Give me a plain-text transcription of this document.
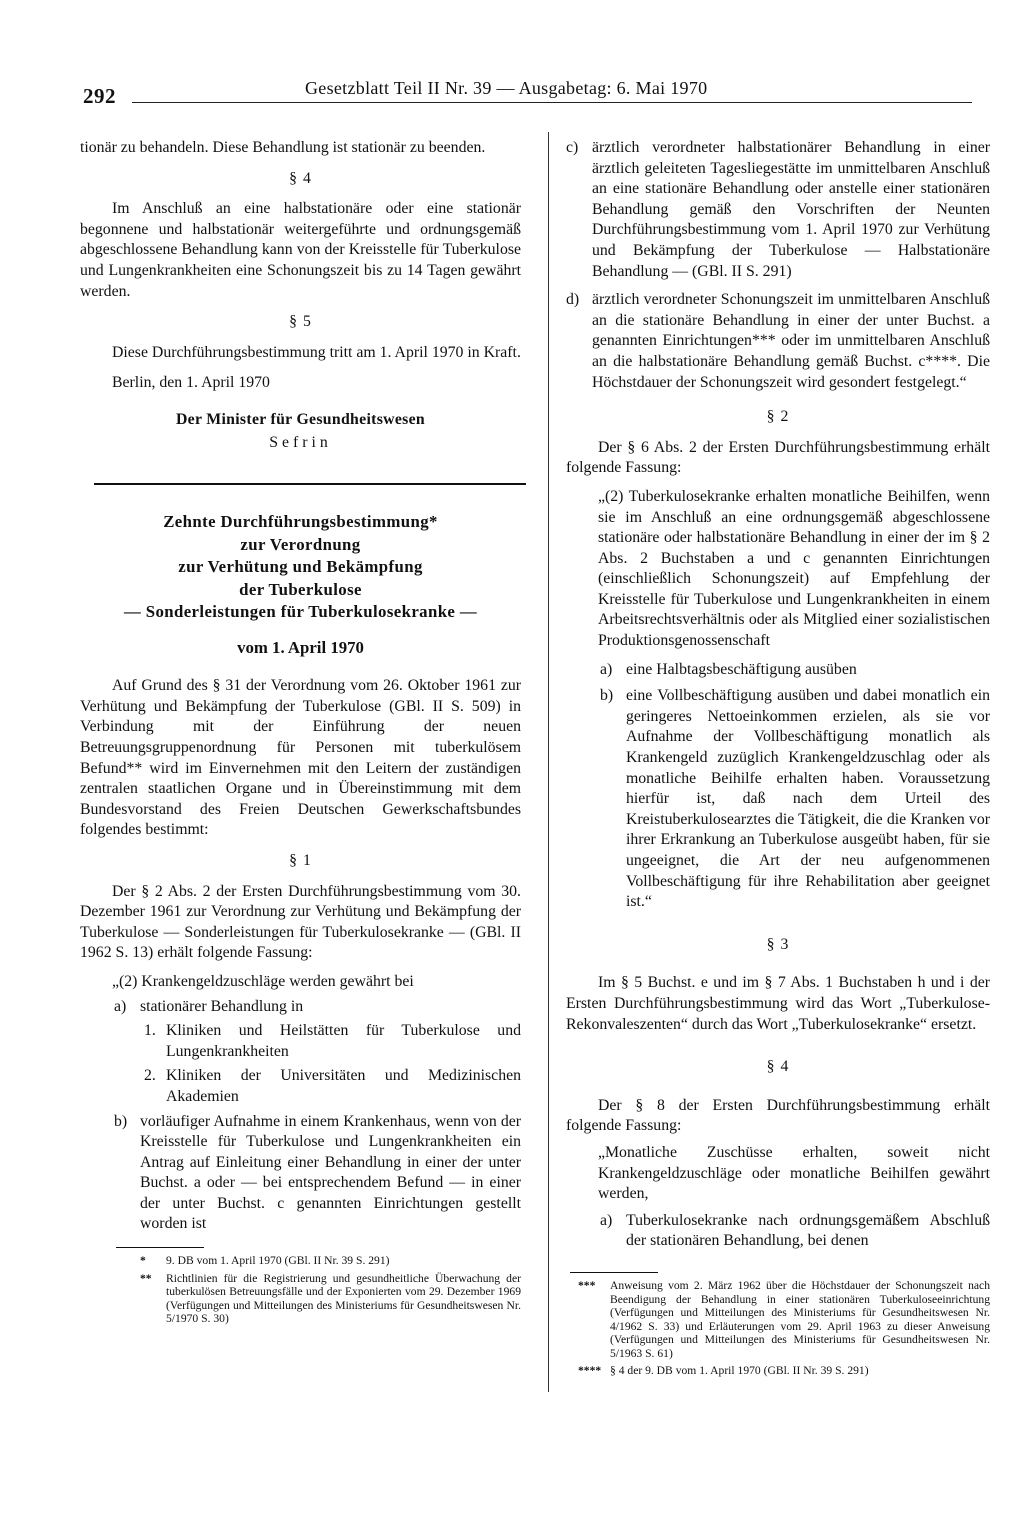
292	Gesetzblatt Teil II Nr. 39 — Ausgabetag: 6. Mai 1970

tionär zu behandeln. Diese Behandlung ist stationär zu beenden.

§ 4

Im Anschluß an eine halbstationäre oder eine stationär begonnene und halbstationär weitergeführte und ordnungsgemäß abgeschlossene Behandlung kann von der Kreisstelle für Tuberkulose und Lungenkrankheiten eine Schonungszeit bis zu 14 Tagen gewährt werden.

§ 5

Diese Durchführungsbestimmung tritt am 1. April 1970 in Kraft.

Berlin, den 1. April 1970

Der Minister für Gesundheitswesen
Sefrin
Zehnte Durchführungsbestimmung*
zur Verordnung
zur Verhütung und Bekämpfung
der Tuberkulose
— Sonderleistungen für Tuberkulosekranke —
vom 1. April 1970

Auf Grund des § 31 der Verordnung vom 26. Oktober 1961 zur Verhütung und Bekämpfung der Tuberkulose (GBl. II S. 509) in Verbindung mit der Einführung der neuen Betreuungsgruppenordnung für Personen mit tuberkulösem Befund** wird im Einvernehmen mit den Leitern der zuständigen zentralen staatlichen Organe und in Übereinstimmung mit dem Bundesvorstand des Freien Deutschen Gewerkschaftsbundes folgendes bestimmt:

§ 1

Der § 2 Abs. 2 der Ersten Durchführungsbestimmung vom 30. Dezember 1961 zur Verordnung zur Verhütung und Bekämpfung der Tuberkulose — Sonderleistungen für Tuberkulosekranke — (GBl. II 1962 S. 13) erhält folgende Fassung:

„(2) Krankengeldzuschläge werden gewährt bei

a) stationärer Behandlung in
1. Kliniken und Heilstätten für Tuberkulose und Lungenkrankheiten
2. Kliniken der Universitäten und Medizinischen Akademien
b) vorläufiger Aufnahme in einem Krankenhaus, wenn von der Kreisstelle für Tuberkulose und Lungenkrankheiten ein Antrag auf Einleitung einer Behandlung in einer der unter Buchst. a oder — bei entsprechendem Befund — in einer der unter Buchst. c genannten Einrichtungen gestellt worden ist
*	9. DB vom 1. April 1970 (GBl. II Nr. 39 S. 291)
**	Richtlinien für die Registrierung und gesundheitliche Überwachung der tuberkulösen Betreuungsfälle und der Exponierten vom 29. Dezember 1969 (Verfügungen und Mitteilungen des Ministeriums für Gesundheitswesen Nr. 5/1970 S. 30)
c) ärztlich verordneter halbstationärer Behandlung in einer ärztlich geleiteten Tagesliegestätte im unmittelbaren Anschluß an eine stationäre Behandlung oder anstelle einer stationären Behandlung gemäß den Vorschriften der Neunten Durchführungsbestimmung vom 1. April 1970 zur Verhütung und Bekämpfung der Tuberkulose — Halbstationäre Behandlung — (GBl. II S. 291)
d) ärztlich verordneter Schonungszeit im unmittelbaren Anschluß an die stationäre Behandlung in einer der unter Buchst. a genannten Einrichtungen*** oder im unmittelbaren Anschluß an die halbstationäre Behandlung gemäß Buchst. c****. Die Höchstdauer der Schonungszeit wird gesondert festgelegt.“
§ 2

Der § 6 Abs. 2 der Ersten Durchführungsbestimmung erhält folgende Fassung:

„(2) Tuberkulosekranke erhalten monatliche Beihilfen, wenn sie im Anschluß an eine ordnungsgemäß abgeschlossene stationäre oder halbstationäre Behandlung in einer der im § 2 Abs. 2 Buchstaben a und c genannten Einrichtungen (einschließlich Schonungszeit) auf Empfehlung der Kreisstelle für Tuberkulose und Lungenkrankheiten in einem Arbeitsrechtsverhältnis oder als Mitglied einer sozialistischen Produktionsgenossenschaft

a) eine Halbtagsbeschäftigung ausüben
b) eine Vollbeschäftigung ausüben und dabei monatlich ein geringeres Nettoeinkommen erzielen, als sie vor Aufnahme der Vollbeschäftigung monatlich als Krankengeld zuzüglich Krankengeldzuschlag oder als monatliche Beihilfe erhalten haben. Voraussetzung hierfür ist, daß nach dem Urteil des Kreistuberkulosearztes die Tätigkeit, die die Kranken vor ihrer Erkrankung an Tuberkulose ausgeübt haben, für sie ungeeignet, die Art der neu aufgenommenen Vollbeschäftigung für ihre Rehabilitation aber geeignet ist.“
§ 3

Im § 5 Buchst. e und im § 7 Abs. 1 Buchstaben h und i der Ersten Durchführungsbestimmung wird das Wort „Tuberkulose-Rekonvaleszenten“ durch das Wort „Tuberkulosekranke“ ersetzt.

§ 4

Der § 8 der Ersten Durchführungsbestimmung erhält folgende Fassung:

„Monatliche Zuschüsse erhalten, soweit nicht Krankengeldzuschläge oder monatliche Beihilfen gewährt werden,

a) Tuberkulosekranke nach ordnungsgemäßem Abschluß der stationären Behandlung, bei denen
***	Anweisung vom 2. März 1962 über die Höchstdauer der Schonungszeit nach Beendigung der Behandlung in einer stationären Tuberkuloseeinrichtung (Verfügungen und Mitteilungen des Ministeriums für Gesundheitswesen Nr. 4/1962 S. 33) und Erläuterungen vom 29. April 1963 zu dieser Anweisung (Verfügungen und Mitteilungen des Ministeriums für Gesundheitswesen Nr. 5/1963 S. 61)
**** § 4 der 9. DB vom 1. April 1970 (GBl. II Nr. 39 S. 291)
